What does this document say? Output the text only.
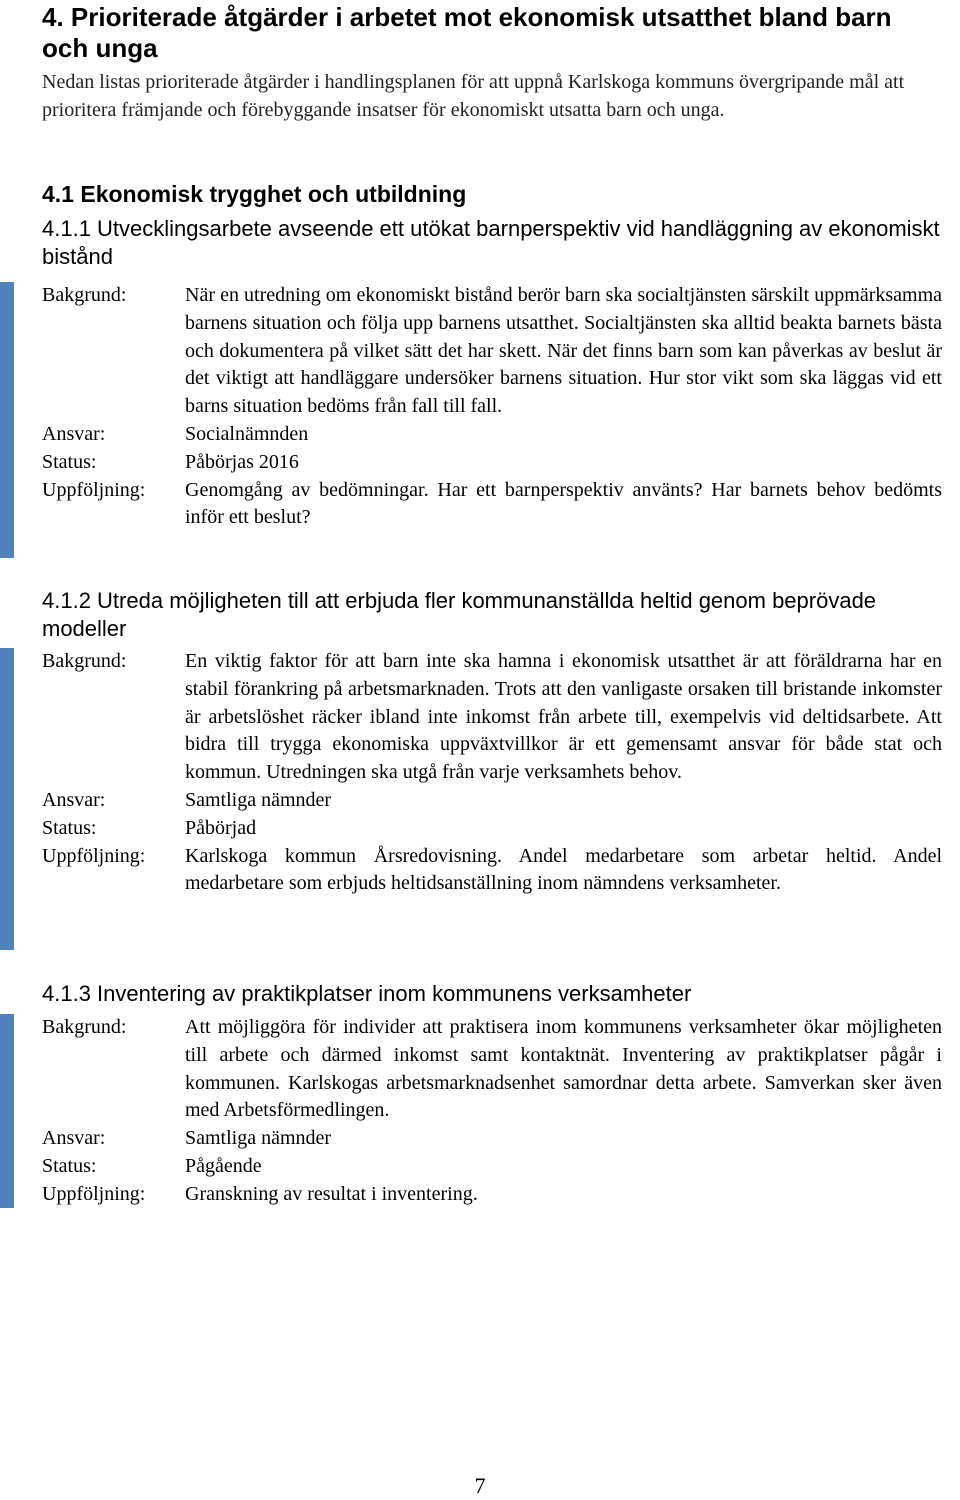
4. Prioriterade åtgärder i arbetet mot ekonomisk utsatthet bland barn och unga
Nedan listas prioriterade åtgärder i handlingsplanen för att uppnå Karlskoga kommuns övergripande mål att prioritera främjande och förebyggande insatser för ekonomiskt utsatta barn och unga.
4.1 Ekonomisk trygghet och utbildning
4.1.1 Utvecklingsarbete avseende ett utökat barnperspektiv vid handläggning av ekonomiskt bistånd
Bakgrund:	När en utredning om ekonomiskt bistånd berör barn ska socialtjänsten särskilt uppmärksamma barnens situation och följa upp barnens utsatthet. Socialtjänsten ska alltid beakta barnets bästa och dokumentera på vilket sätt det har skett. När det finns barn som kan påverkas av beslut är det viktigt att handläggare undersöker barnens situation. Hur stor vikt som ska läggas vid ett barns situation bedöms från fall till fall.
Ansvar:	Socialnämnden
Status:	Påbörjas 2016
Uppföljning:	Genomgång av bedömningar. Har ett barnperspektiv använts? Har barnets behov bedömts inför ett beslut?
4.1.2 Utreda möjligheten till att erbjuda fler kommunanställda heltid genom beprövade modeller
Bakgrund:	En viktig faktor för att barn inte ska hamna i ekonomisk utsatthet är att föräldrarna har en stabil förankring på arbetsmarknaden. Trots att den vanligaste orsaken till bristande inkomster är arbetslöshet räcker ibland inte inkomst från arbete till, exempelvis vid deltidsarbete. Att bidra till trygga ekonomiska uppväxtvillkor är ett gemensamt ansvar för både stat och kommun. Utredningen ska utgå från varje verksamhets behov.
Ansvar:	Samtliga nämnder
Status:	Påbörjad
Uppföljning:	Karlskoga kommun Årsredovisning. Andel medarbetare som arbetar heltid. Andel medarbetare som erbjuds heltidsanställning inom nämndens verksamheter.
4.1.3 Inventering av praktikplatser inom kommunens verksamheter
Bakgrund:	Att möjliggöra för individer att praktisera inom kommunens verksamheter ökar möjligheten till arbete och därmed inkomst samt kontaktnät. Inventering av praktikplatser pågår i kommunen. Karlskogas arbetsmarknadsenhet samordnar detta arbete. Samverkan sker även med Arbetsförmedlingen.
Ansvar:	Samtliga nämnder
Status:	Pågående
Uppföljning:	Granskning av resultat i inventering.
7
